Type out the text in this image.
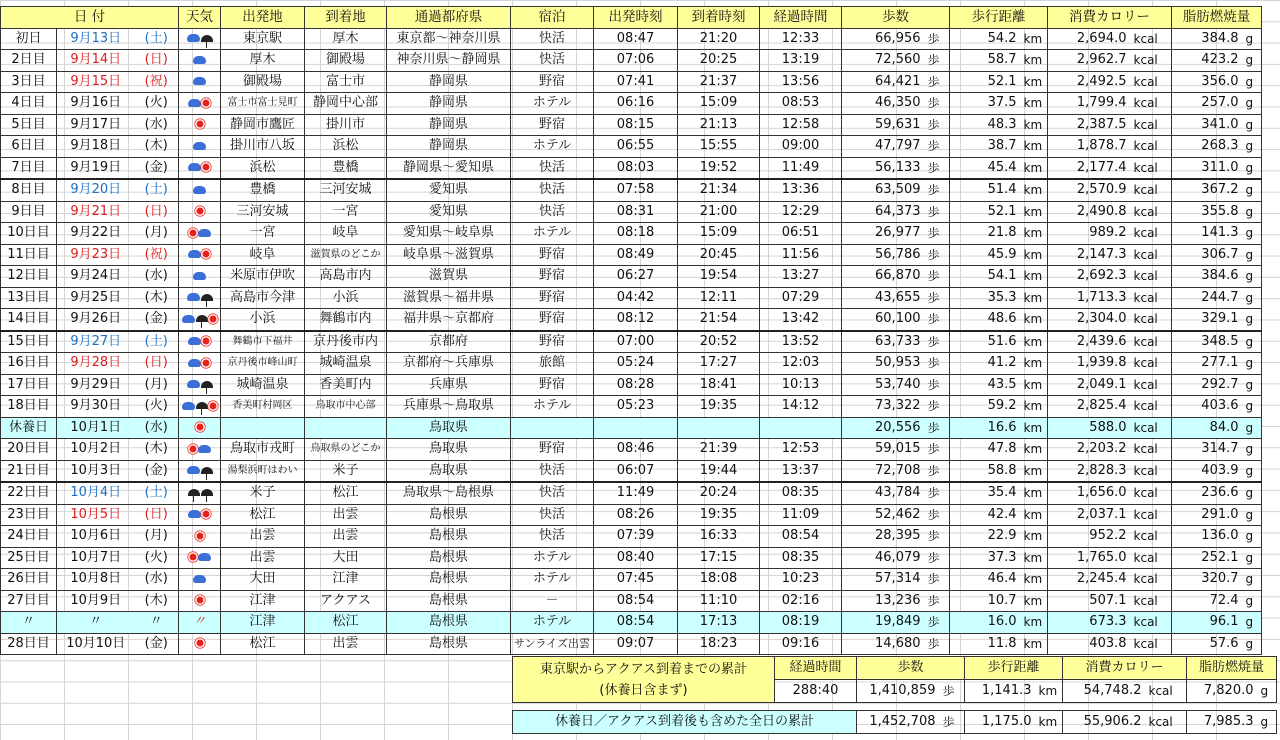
日 付			天気	出発地	到着地	通過都府県	宿泊	出発時刻	到着時刻	経過時間	歩数		歩行距離		消費カロリー		脂肪燃焼量	
初日	9月13日	(土)		東京駅	厚木	東京都～神奈川県	快活	08:47	21:20	12:33	66,956	歩	54.2	km	2,694.0	kcal	384.8	g
2日目	9月14日	(日)		厚木	御殿場	神奈川県～静岡県	快活	07:06	20:25	13:19	72,560	歩	58.7	km	2,962.7	kcal	423.2	g
3日目	9月15日	(祝)		御殿場	富士市	静岡県	野宿	07:41	21:37	13:56	64,421	歩	52.1	km	2,492.5	kcal	356.0	g
4日目	9月16日	(火)		富士市富士見町	静岡中心部	静岡県	ホテル	06:16	15:09	08:53	46,350	歩	37.5	km	1,799.4	kcal	257.0	g
5日目	9月17日	(水)		静岡市鷹匠	掛川市	静岡県	野宿	08:15	21:13	12:58	59,631	歩	48.3	km	2,387.5	kcal	341.0	g
6日目	9月18日	(木)		掛川市八坂	浜松	静岡県	ホテル	06:55	15:55	09:00	47,797	歩	38.7	km	1,878.7	kcal	268.3	g
7日目	9月19日	(金)		浜松	豊橋	静岡県～愛知県	快活	08:03	19:52	11:49	56,133	歩	45.4	km	2,177.4	kcal	311.0	g
8日目	9月20日	(土)		豊橋	三河安城	愛知県	快活	07:58	21:34	13:36	63,509	歩	51.4	km	2,570.9	kcal	367.2	g
9日目	9月21日	(日)		三河安城	一宮	愛知県	快活	08:31	21:00	12:29	64,373	歩	52.1	km	2,490.8	kcal	355.8	g
10日目	9月22日	(月)		一宮	岐阜	愛知県～岐阜県	ホテル	08:18	15:09	06:51	26,977	歩	21.8	km	989.2	kcal	141.3	g
11日目	9月23日	(祝)		岐阜	滋賀県のどこか	岐阜県～滋賀県	野宿	08:49	20:45	11:56	56,786	歩	45.9	km	2,147.3	kcal	306.7	g
12日目	9月24日	(水)		米原市伊吹	高島市内	滋賀県	野宿	06:27	19:54	13:27	66,870	歩	54.1	km	2,692.3	kcal	384.6	g
13日目	9月25日	(木)		高島市今津	小浜	滋賀県～福井県	野宿	04:42	12:11	07:29	43,655	歩	35.3	km	1,713.3	kcal	244.7	g
14日目	9月26日	(金)		小浜	舞鶴市内	福井県～京都府	野宿	08:12	21:54	13:42	60,100	歩	48.6	km	2,304.0	kcal	329.1	g
15日目	9月27日	(土)		舞鶴市下福井	京丹後市内	京都府	野宿	07:00	20:52	13:52	63,733	歩	51.6	km	2,439.6	kcal	348.5	g
16日目	9月28日	(日)		京丹後市峰山町	城崎温泉	京都府～兵庫県	旅館	05:24	17:27	12:03	50,953	歩	41.2	km	1,939.8	kcal	277.1	g
17日目	9月29日	(月)		城崎温泉	香美町内	兵庫県	野宿	08:28	18:41	10:13	53,740	歩	43.5	km	2,049.1	kcal	292.7	g
18日目	9月30日	(火)		香美町村岡区	鳥取市中心部	兵庫県～鳥取県	ホテル	05:23	19:35	14:12	73,322	歩	59.2	km	2,825.4	kcal	403.6	g
休養日	10月1日	(水)				鳥取県					20,556	歩	16.6	km	588.0	kcal	84.0	g
20日目	10月2日	(木)		鳥取市戎町	鳥取県のどこか	鳥取県	野宿	08:46	21:39	12:53	59,015	歩	47.8	km	2,203.2	kcal	314.7	g
21日目	10月3日	(金)		湯梨浜町はわい	米子	鳥取県	快活	06:07	19:44	13:37	72,708	歩	58.8	km	2,828.3	kcal	403.9	g
22日目	10月4日	(土)		米子	松江	鳥取県～島根県	快活	11:49	20:24	08:35	43,784	歩	35.4	km	1,656.0	kcal	236.6	g
23日目	10月5日	(日)		松江	出雲	島根県	快活	08:26	19:35	11:09	52,462	歩	42.4	km	2,037.1	kcal	291.0	g
24日目	10月6日	(月)		出雲	出雲	島根県	快活	07:39	16:33	08:54	28,395	歩	22.9	km	952.2	kcal	136.0	g
25日目	10月7日	(火)		出雲	大田	島根県	ホテル	08:40	17:15	08:35	46,079	歩	37.3	km	1,765.0	kcal	252.1	g
26日目	10月8日	(水)		大田	江津	島根県	ホテル	07:45	18:08	10:23	57,314	歩	46.4	km	2,245.4	kcal	320.7	g
27日目	10月9日	(木)		江津	アクアス	島根県	－	08:54	11:10	02:16	13,236	歩	10.7	km	507.1	kcal	72.4	g
〃	〃	〃	〃	江津	松江	島根県	ホテル	08:54	17:13	08:19	19,849	歩	16.0	km	673.3	kcal	96.1	g
28日目	10月10日	(金)		松江	出雲	島根県	サンライズ出雲	09:07	18:23	09:16	14,680	歩	11.8	km	403.8	kcal	57.6	g
東京駅からアクアス到着までの累計
(休養日含まず)	経過時間	歩数		歩行距離		消費カロリー		脂肪燃焼量	
	288:40	1,410,859	歩	1,141.3	km	54,748.2	kcal	7,820.0	g
休養日／アクアス到着後も含めた全日の累計	1,452,708	歩	1,175.0	km	55,906.2	kcal	7,985.3	g
